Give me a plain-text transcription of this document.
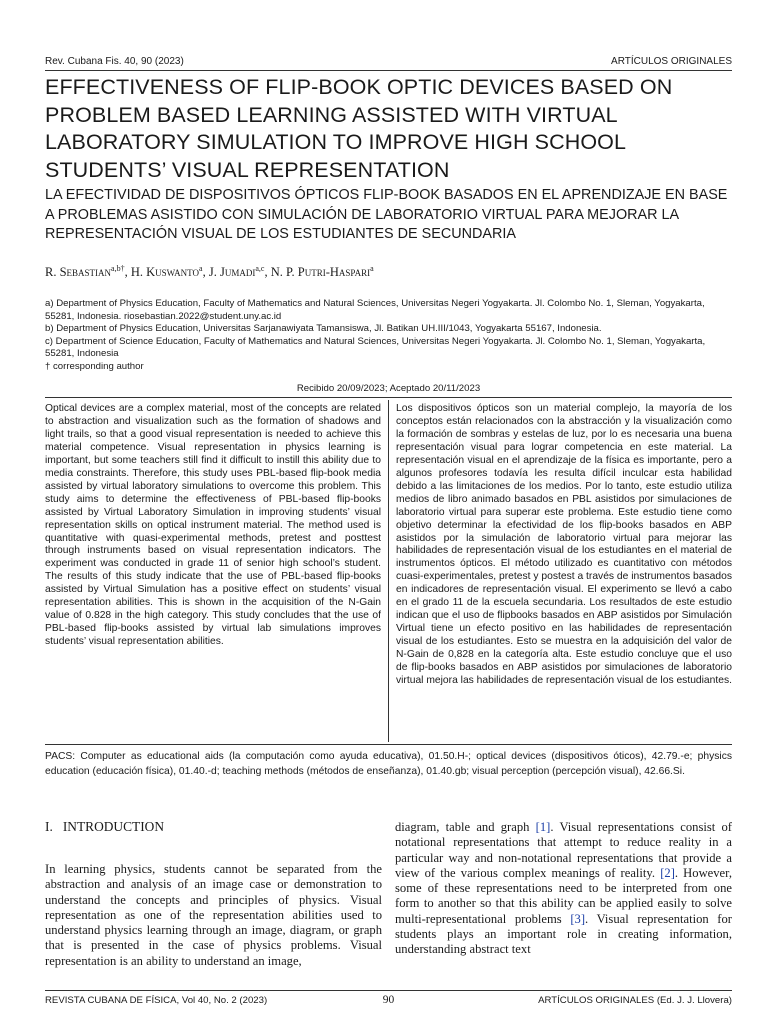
Rev. Cubana Fis. 40, 90 (2023)	ARTÍCULOS ORIGINALES
EFFECTIVENESS OF FLIP-BOOK OPTIC DEVICES BASED ON PROBLEM BASED LEARNING ASSISTED WITH VIRTUAL LABORATORY SIMULATION TO IMPROVE HIGH SCHOOL STUDENTS’ VISUAL REPRESENTATION
LA EFECTIVIDAD DE DISPOSITIVOS ÓPTICOS FLIP-BOOK BASADOS EN EL APRENDIZAJE EN BASE A PROBLEMAS ASISTIDO CON SIMULACIÓN DE LABORATORIO VIRTUAL PARA MEJORAR LA REPRESENTACIÓN VISUAL DE LOS ESTUDIANTES DE SECUNDARIA
R. Sebastian$^{a,b\dagger}$, H. Kuswanto$^a$, J. Jumadi$^{a,c}$, N. P. Putri-Haspari$^a$
a) Department of Physics Education, Faculty of Mathematics and Natural Sciences, Universitas Negeri Yogyakarta. Jl. Colombo No. 1, Sleman, Yogyakarta, 55281, Indonesia. riosebastian.2022@student.uny.ac.id
b) Department of Physics Education, Universitas Sarjanawiyata Tamansiswa, Jl. Batikan UH.III/1043, Yogyakarta 55167, Indonesia.
c) Department of Science Education, Faculty of Mathematics and Natural Sciences, Universitas Negeri Yogyakarta. Jl. Colombo No. 1, Sleman, Yogyakarta, 55281, Indonesia
† corresponding author
Recibido 20/09/2023; Aceptado 20/11/2023
Optical devices are a complex material, most of the concepts are related to abstraction and visualization such as the formation of shadows and light trails, so that a good visual representation is needed to achieve this material competence. Visual representation in physics learning is important, but some teachers still find it difficult to instill this ability due to media constraints. Therefore, this study uses PBL-based flip-book media assisted by virtual laboratory simulations to overcome this problem. This study aims to determine the effectiveness of PBL-based flip-books assisted by Virtual Laboratory Simulation in improving students’ visual representation skills on optical instrument material. The method used is quantitative with quasi-experimental methods, pretest and posttest through instruments based on visual representation indicators. The experiment was conducted in grade 11 of senior high school’s student. The results of this study indicate that the use of PBL-based flip-books assisted by Virtual Simulation has a positive effect on students’ visual representation abilities. This is shown in the acquisition of the N-Gain value of 0.828 in the high category. This study concludes that the use of PBL-based flip-books assisted by virtual lab simulations improves students’ visual representation abilities.
Los dispositivos ópticos son un material complejo, la mayoría de los conceptos están relacionados con la abstracción y la visualización como la formación de sombras y estelas de luz, por lo es necesaria una buena representación visual para lograr competencia en este material. La representación visual en el aprendizaje de la física es importante, pero a algunos profesores todavía les resulta difícil inculcar esta habilidad debido a las limitaciones de los medios. Por lo tanto, este estudio utiliza medios de libro animado basados en PBL asistidos por simulaciones de laboratorio virtual para superar este problema. Este estudio tiene como objetivo determinar la efectividad de los flip-books basados en ABP asistidos por la simulación de laboratorio virtual para mejorar las habilidades de representación visual de los estudiantes en el material de instrumentos ópticos. El método utilizado es cuantitativo con métodos cuasi-experimentales, pretest y postest a través de instrumentos basados en indicadores de representación visual. El experimento se llevó a cabo en el grado 11 de la escuela secundaria. Los resultados de este estudio indican que el uso de flipbooks basados en ABP asistidos por Simulación Virtual tiene un efecto positivo en las habilidades de representación visual de los estudiantes. Esto se muestra en la adquisición del valor de N-Gain de 0,828 en la categoría alta. Este estudio concluye que el uso de flip-books basados en ABP asistidos por simulaciones de laboratorio virtual mejora las habilidades de representación visual de los estudiantes.
PACS: Computer as educational aids (la computación como ayuda educativa), 01.50.H-; optical devices (dispositivos óticos), 42.79.-e; physics education (educación física), 01.40.-d; teaching methods (métodos de enseñanza), 01.40.gb; visual perception (percepción visual), 42.66.Si.
I.   INTRODUCTION
In learning physics, students cannot be separated from the abstraction and analysis of an image case or demonstration to understand the concepts and principles of physics. Visual representation as one of the representation abilities used to understand physics learning through an image, diagram, or graph that is presented in the case of physics problems. Visual representation is an ability to understand an image,
diagram, table and graph [1]. Visual representations consist of notational representations that attempt to reduce reality in a particular way and non-notational representations that provide a view of the various complex meanings of reality. [2]. However, some of these representations need to be interpreted from one form to another so that this ability can be applied easily to solve multi-representational problems [3]. Visual representation for students plays an important role in creating information, understanding abstract text
REVISTA CUBANA DE FÍSICA, Vol 40, No. 2 (2023)	90	ARTÍCULOS ORIGINALES (Ed. J. J. Llovera)
